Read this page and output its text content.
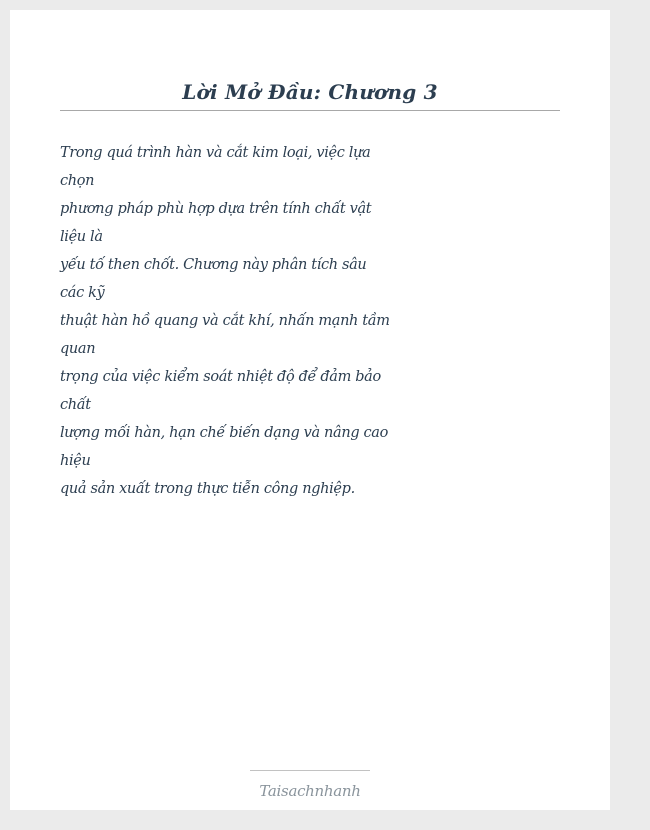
Lời Mở Đầu: Chương 3
Trong quá trình hàn và cắt kim loại, việc lựa
chọn
phương pháp phù hợp dựa trên tính chất vật
liệu là
yếu tố then chốt. Chương này phân tích sâu
các kỹ
thuật hàn hồ quang và cắt khí, nhấn mạnh tầm
quan
trọng của việc kiểm soát nhiệt độ để đảm bảo
chất
lượng mối hàn, hạn chế biến dạng và nâng cao
hiệu
quả sản xuất trong thực tiễn công nghiệp.
Taisachnhanh
